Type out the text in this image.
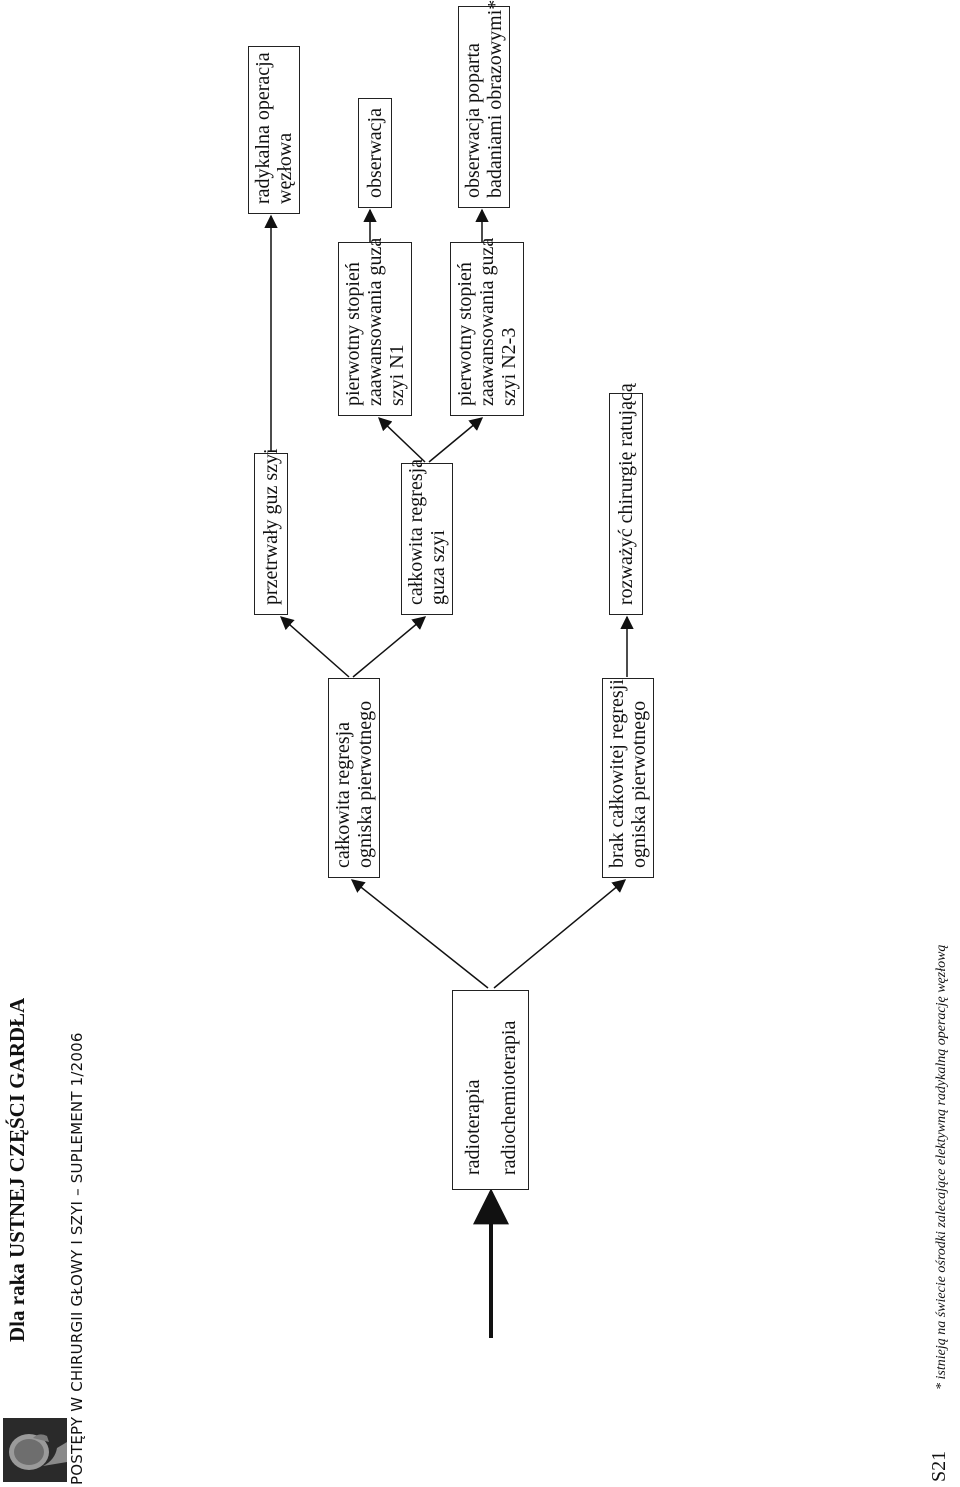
Dla raka USTNEJ CZĘŚCI GARDŁA	* istnieją na świecie ośrodki zalecające elektywną radykalną operację węzłową
POSTĘPY W CHIRURGII GŁOWY I SZYI – SUPLEMENT 1/2006	S21
radioterapia radiochemioterapia
całkowita regresja ogniska pierwotnego	brak całkowitej regresji ogniska pierwotnego
przetrwały guz szyi	całkowita regresja guza szyi	rozważyć chirurgię ratującą
radykalna operacja węzłowa
pierwotny stopień zaawansowania guza szyi N1 pierwotny stopień zaawansowania guza szyi N2-3
obserwacja	obserwacja poparta badaniami obrazowymi*
